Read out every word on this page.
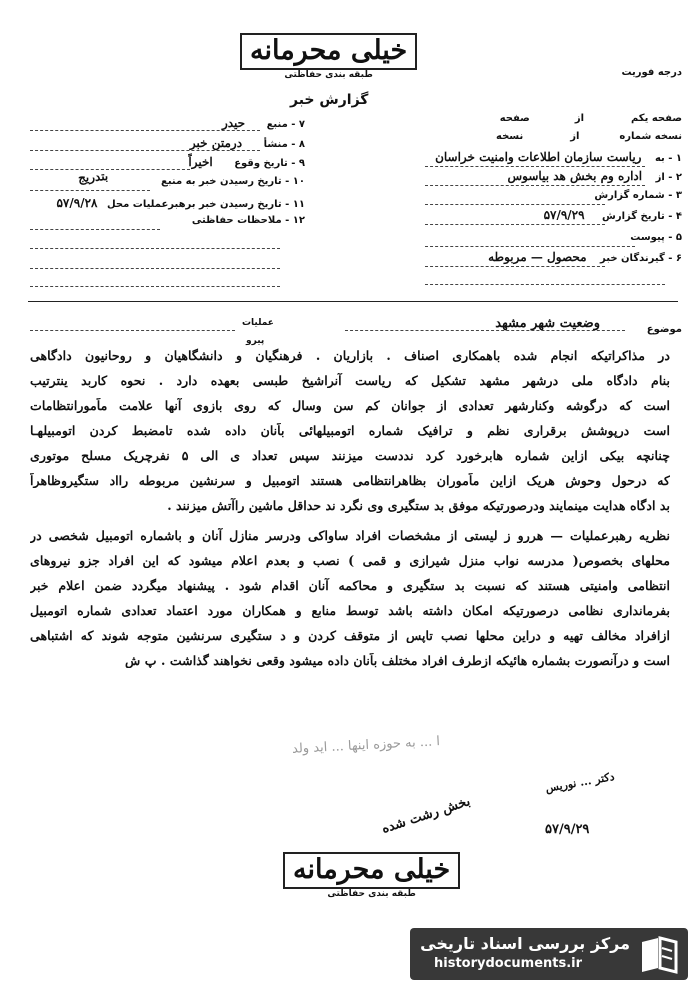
خیلی محرمانه
طبقه بندی حفاظتی	درجه فوریت
گزارش خبر
صفحه یکم  از  صفحه
نسخه شماره  از  نسخه
۱ - به ریاست سازمان اطلاعات وامنیت خراسان
۲ - از اداره وم بخش هد بیاسوس
۳ - شماره گزارش
۴ - تاریخ گزارش ۵۷/۹/۲۹
۵ - پیوست
۶ - گیرندگان خبر محصول — مربوطه
۷ - منبع حیدر
۸ - منشأ درمتن خبر
۹ - تاریخ وقوع اخیراً
بتدریج	۱۰ - تاریخ رسیدن خبر به منبع
۱۱ - تاریخ رسیدن خبر برهبرعملیات محل ۵۷/۹/۲۸
۱۲ - ملاحظات حفاظتی
موضوع
وضعیت شهر مشهد
عملیات
پیرو
در مذاکراتیکه انجام شده باهمکاری اصناف . بازاریان . فرهنگیان و دانشگاهیان و روحانیون دادگاهی
بنام دادگاه ملی درشهر مشهد تشکیل که ریاست آنراشیخ طبسی بعهده دارد . نحوه کاربد ینترتیب
است که درگوشه وکنارشهر تعدادی از جوانان کم سن وسال که روی بازوی آنها علامت ماًمورانتظامات
است درپوشش برقراری نظم و ترافیک شماره اتومبیلهائی باًنان داده شده تامضبط کردن اتومبیلهـا
چنانچه بیکی ازاین شماره هابرخورد کرد نددست میزنند سپس تعداد ی الی ۵ نفرچریک مسلح موتوری
که درحول وحوش هریک ازاین ماًموران بظاهرانتظامی هستند اتومبیل و سرنشین مربوطه رااد ستگیروظاهراً
بد ادگاه هدایت مینمایند ودرصورتیکه موفق بد ستگیری وی نگرد ند حداقل ماشین راآتش میزنند .
نظریه رهبرعملیات — هررو ز لیستی از مشخصات افراد ساواکی ودرسر منازل آنان و باشماره اتومبیل شخصی در
محلهای بخصوص( مدرسه نواب منزل شیرازی و قمی ) نصب و بعدم اعلام میشود که این افراد جزو نیروهای
انتظامی وامنیتی هستند که نسبت بد ستگیری و محاکمه آنان اقدام شود . پیشنهاد میگردد ضمن اعلام خبر
بفرمانداری نظامی درصورتیکه امکان داشته باشد توسط منابع و همکاران مورد اعتماد تعدادی شماره اتومبیل
ازافراد مخالف تهیه و دراین محلها نصب تاپس از متوقف کردن و د ستگیری سرنشین متوجه شوند که اشتباهی
است و درآنصورت بشماره هائیکه ازطرف افراد مختلف باًنان داده میشود وقعی نخواهند گذاشت . پ ش
ا ... به حوزه اینها ... اید ولد
دکتر ... نوریس
۵۷/۹/۲۹
بخش رشت شده
خیلی محرمانه
طبقه بندی حفاظتی
مرکز بررسی اسناد تاریخی
historydocuments.ir
